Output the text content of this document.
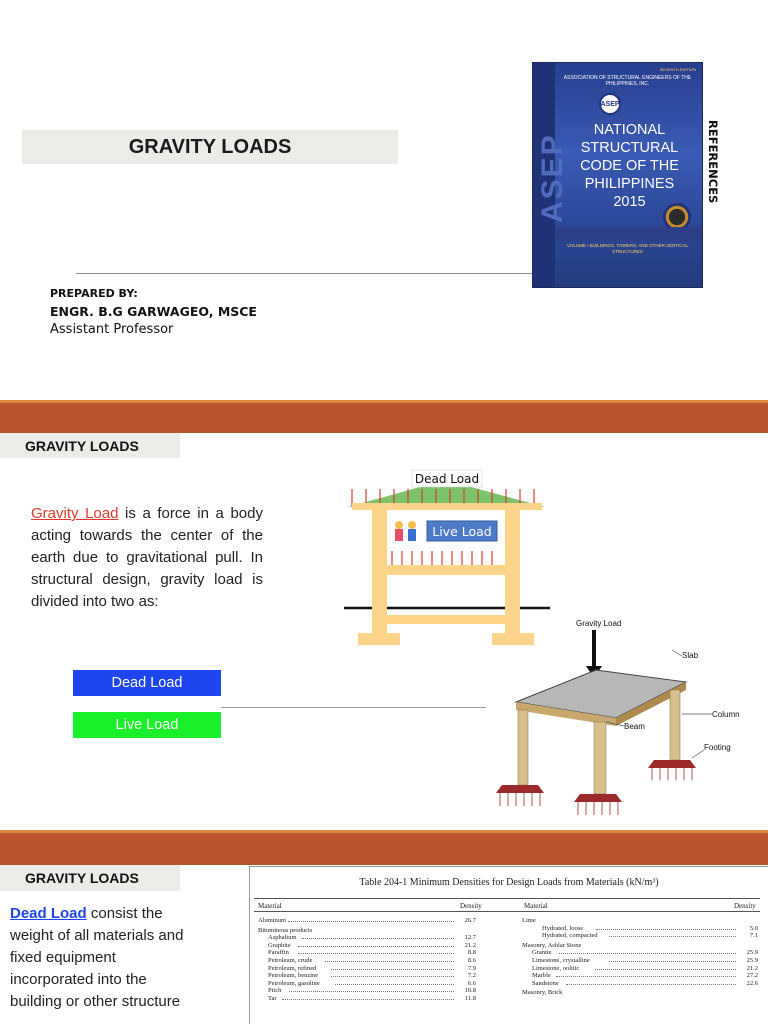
GRAVITY LOADS
PREPARED BY:
ENGR. B.G GARWAGEO, MSCE
Assistant Professor
ASEP
SEVENTH EDITION
ASSOCIATION OF STRUCTURAL ENGINEERS OF THE PHILIPPINES, INC.
ASEP
NATIONAL
STRUCTURAL
CODE OF THE
PHILIPPINES
2015
VOLUME I BUILDINGS, TOWERS, AND OTHER VERTICAL STRUCTURES
REFERENCES
GRAVITY LOADS

Gravity Load is a force in a body acting towards the center of the earth due to gravitational pull. In structural design, gravity load is divided into two as:

Dead Load
Live Load
Dead Load
Live Load
Gravity Load
Slab
Beam
Column
Footing
GRAVITY LOADS

Dead Load consist the weight of all materials and fixed equipment incorporated into the building or other structure

Table 204-1 Minimum Densities for Design Loads from Materials (kN/m³)
Material	Density	Material	Density
Aluminum	26.7
Bituminous products
Asphaltum	12.7
Graphite	21.2
Paraffin	8.8
Petroleum, crude	8.6
Petroleum, refined	7.9
Petroleum, benzine	7.2
Petroleum, gasoline	6.6
Pitch	10.8
Tar	11.8
Lime
Hydrated, loose	5.0
Hydrated, compacted	7.1
Masonry, Ashlar Stone
Granite	25.9
Limestone, crystalline	25.9
Limestone, oolitic	21.2
Marble	27.2
Sandstone	22.6
Masonry, Brick
